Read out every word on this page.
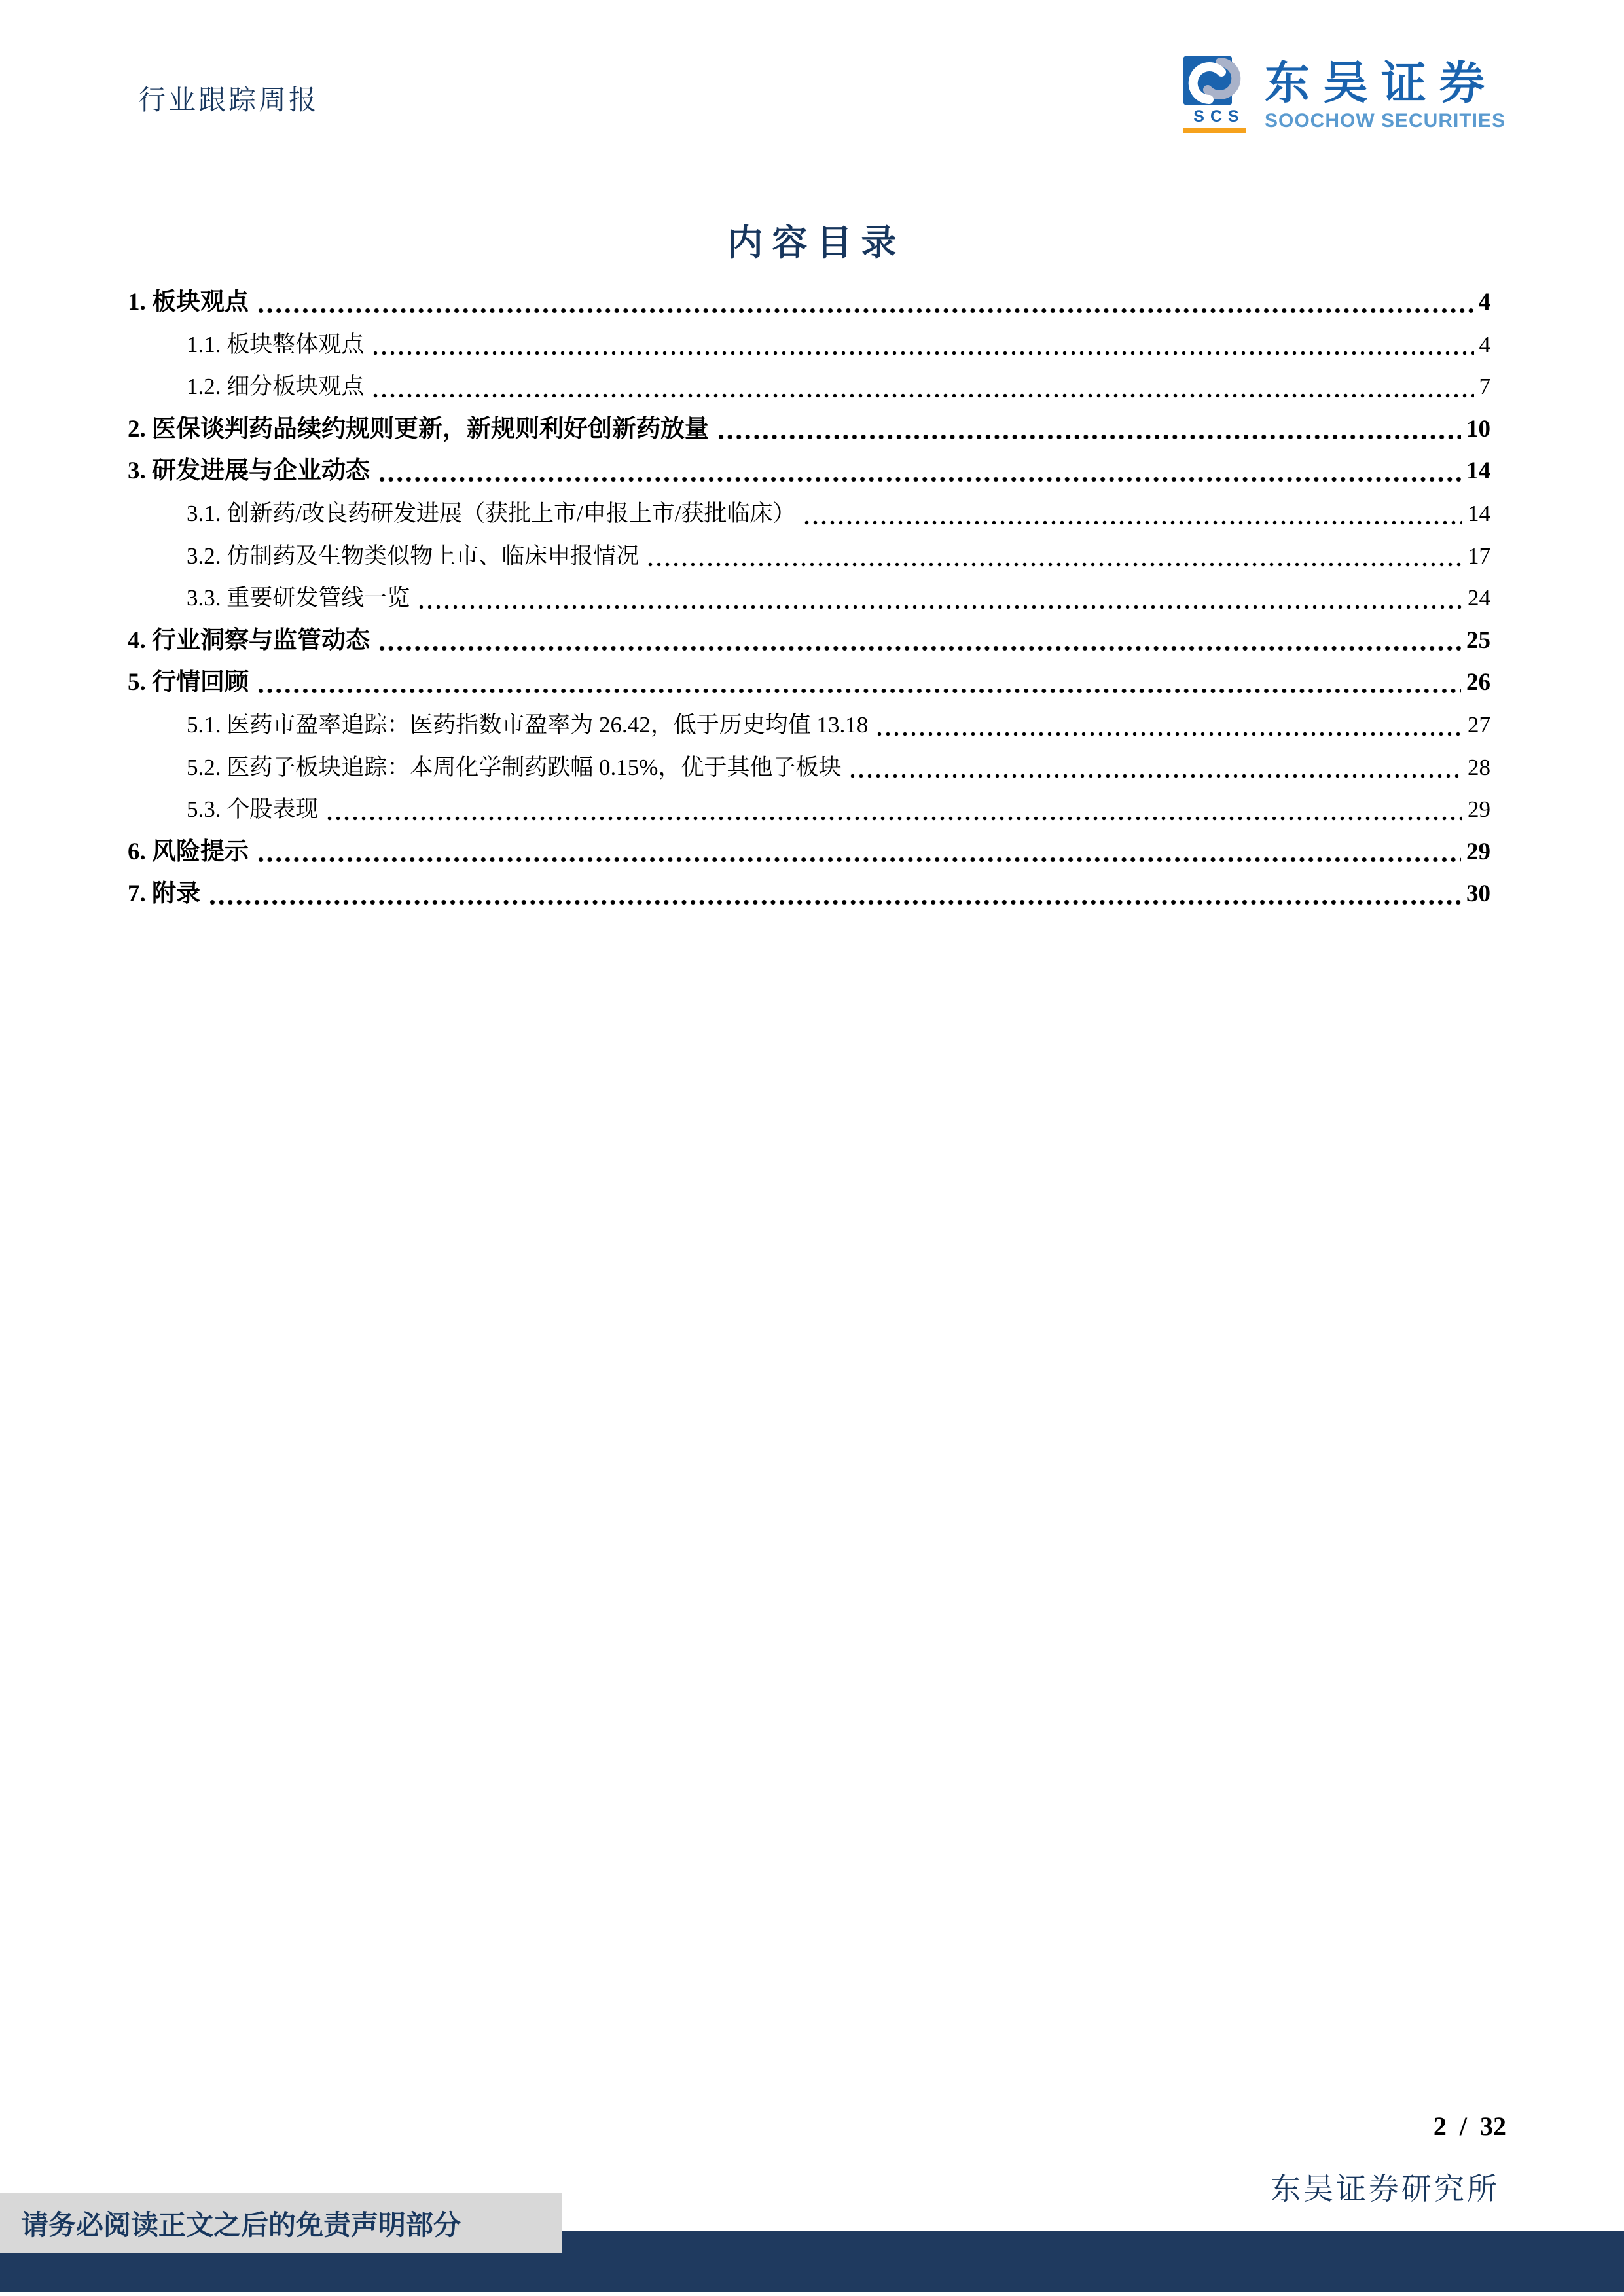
行业跟踪周报
SCS
东吴证券
SOOCHOW SECURITIES
内容目录
1. 板块观点	4
1.1. 板块整体观点	4
1.2. 细分板块观点	7
2. 医保谈判药品续约规则更新，新规则利好创新药放量	10
3. 研发进展与企业动态	14
3.1. 创新药/改良药研发进展（获批上市/申报上市/获批临床）	14
3.2. 仿制药及生物类似物上市、临床申报情况	17
3.3. 重要研发管线一览	24
4. 行业洞察与监管动态	25
5. 行情回顾	26
5.1. 医药市盈率追踪：医药指数市盈率为 26.42，低于历史均值 13.18	27
5.2. 医药子板块追踪：本周化学制药跌幅 0.15%，优于其他子板块	28
5.3. 个股表现	29
6. 风险提示	29
7. 附录	30
2 / 32
东吴证券研究所
请务必阅读正文之后的免责声明部分
